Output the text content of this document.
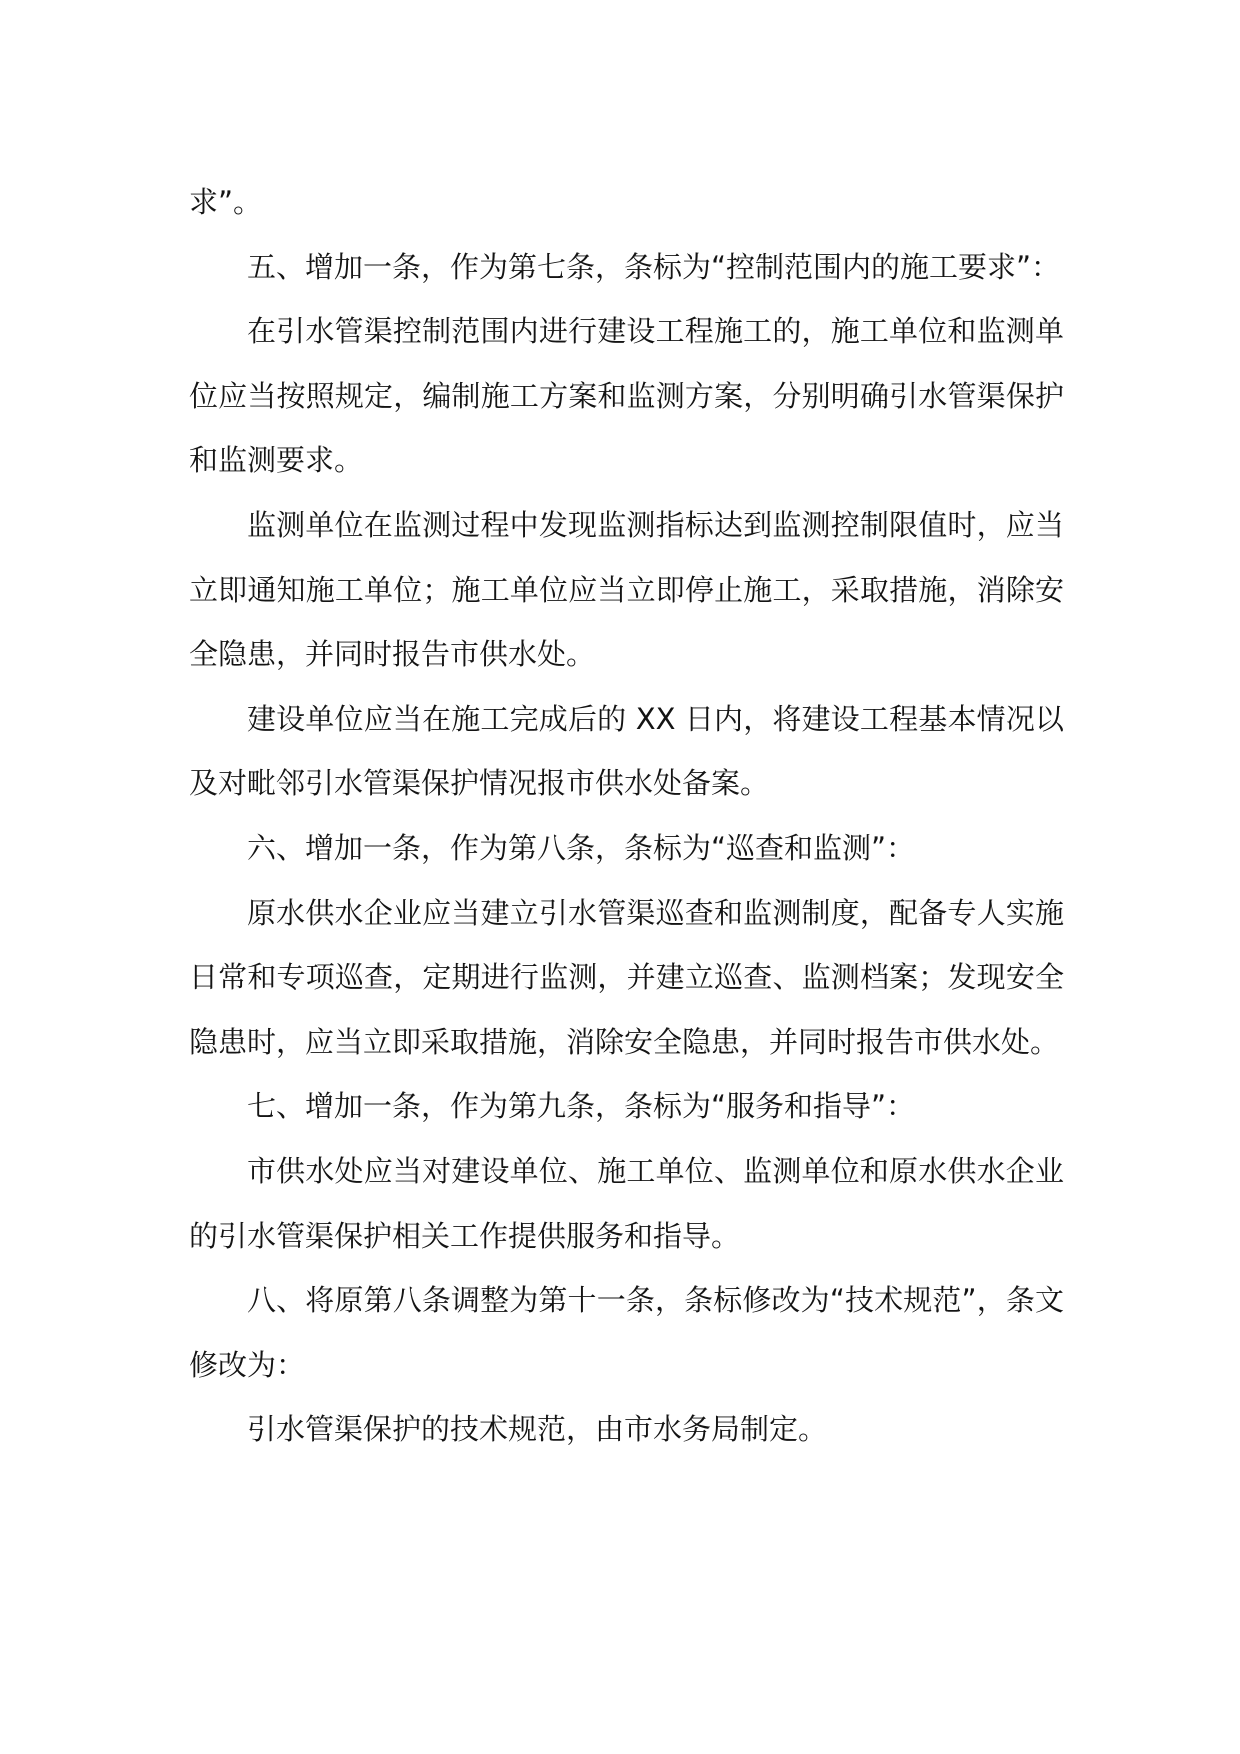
求”。

五、增加一条，作为第七条，条标为“控制范围内的施工要求”：

在引水管渠控制范围内进行建设工程施工的，施工单位和监测单位应当按照规定，编制施工方案和监测方案，分别明确引水管渠保护和监测要求。

监测单位在监测过程中发现监测指标达到监测控制限值时，应当立即通知施工单位；施工单位应当立即停止施工，采取措施，消除安全隐患，并同时报告市供水处。

建设单位应当在施工完成后的 XX 日内，将建设工程基本情况以及对毗邻引水管渠保护情况报市供水处备案。

六、增加一条，作为第八条，条标为“巡查和监测”：

原水供水企业应当建立引水管渠巡查和监测制度，配备专人实施日常和专项巡查，定期进行监测，并建立巡查、监测档案；发现安全隐患时，应当立即采取措施，消除安全隐患，并同时报告市供水处。

七、增加一条，作为第九条，条标为“服务和指导”：

市供水处应当对建设单位、施工单位、监测单位和原水供水企业的引水管渠保护相关工作提供服务和指导。

八、将原第八条调整为第十一条，条标修改为“技术规范”，条文修改为：

引水管渠保护的技术规范，由市水务局制定。
